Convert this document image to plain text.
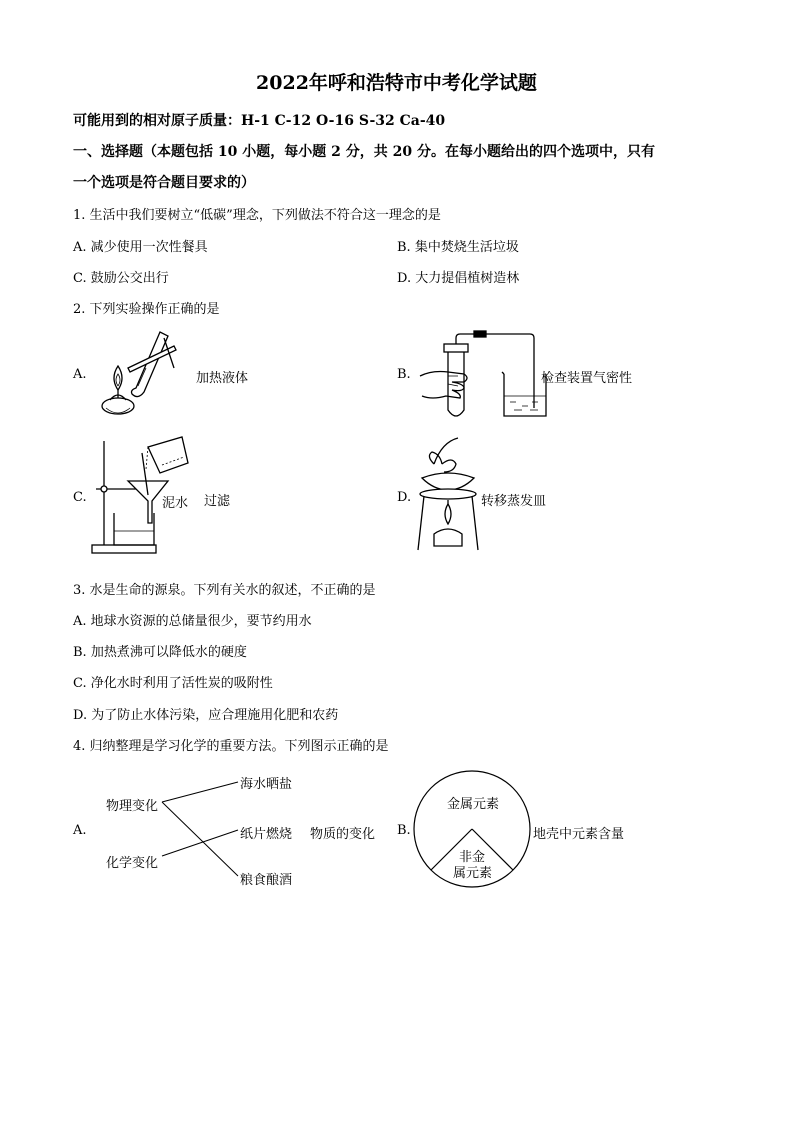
2022年呼和浩特市中考化学试题
可能用到的相对原子质量：H-1 C-12 O-16 S-32 Ca-40
一、选择题（本题包括 10 小题，每小题 2 分，共 20 分。在每小题给出的四个选项中，只有
一个选项是符合题目要求的）
1. 生活中我们要树立“低碳”理念，下列做法不符合这一理念的是
A. 减少使用一次性餐具	B. 集中焚烧生活垃圾
C. 鼓励公交出行	D. 大力提倡植树造林
2. 下列实验操作正确的是
A.	加热液体	B.	检查装置气密性
C.	泥水 过滤	D.	转移蒸发皿
3. 水是生命的源泉。下列有关水的叙述，不正确的是
A. 地球水资源的总储量很少，要节约用水
B. 加热煮沸可以降低水的硬度
C. 净化水时利用了活性炭的吸附性
D. 为了防止水体污染，应合理施用化肥和农药
4. 归纳整理是学习化学的重要方法。下列图示正确的是
A.
物理变化
化学变化
海水晒盐
纸片燃烧
粮食酿酒
物质的变化 B.
金属元素
非金
属元素
地壳中元素含量
